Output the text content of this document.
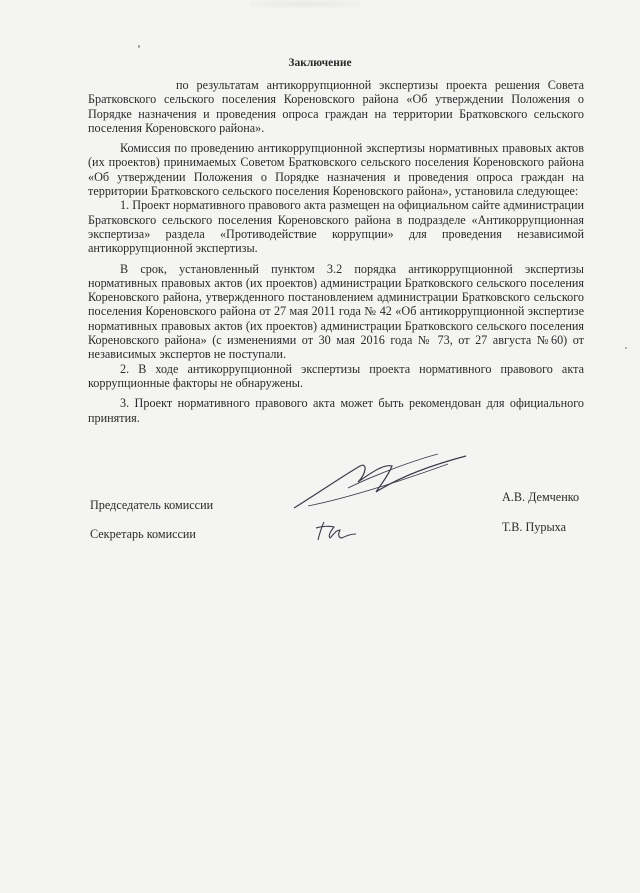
Заключение

по результатам антикоррупционной экспертизы проекта решения Совета Братковского сельского поселения Кореновского района «Об утверждении Положения о Порядке назначения и проведения опроса граждан на территории Братковского сельского поселения Кореновского района».

Комиссия по проведению антикоррупционной экспертизы нормативных правовых актов (их проектов) принимаемых Советом Братковского сельского поселения Кореновского района «Об утверждении Положения о Порядке назначения и проведения опроса граждан на территории Братковского сельского поселения Кореновского района», установила следующее:

1. Проект нормативного правового акта размещен на официальном сайте администрации Братковского сельского поселения Кореновского района в подразделе «Антикоррупционная экспертиза» раздела «Противодействие коррупции» для проведения независимой антикоррупционной экспертизы.

В срок, установленный пунктом 3.2 порядка антикоррупционной экспертизы нормативных правовых актов (их проектов) администрации Братковского сельского поселения Кореновского района, утвержденного постановлением администрации Братковского сельского поселения Кореновского района от 27 мая 2011 года № 42 «Об антикоррупционной экспертизе нормативных правовых актов (их проектов) администрации Братковского сельского поселения Кореновского района» (с изменениями от 30 мая 2016 года № 73, от 27 августа №60) от независимых экспертов не поступали.

2. В ходе антикоррупционной экспертизы проекта нормативного правового акта коррупционные факторы не обнаружены.

3. Проект нормативного правового акта может быть рекомендован для официального принятия.

Председатель комиссии
А.В. Демченко
Секретарь комиссии	Т.В. Пурыха
